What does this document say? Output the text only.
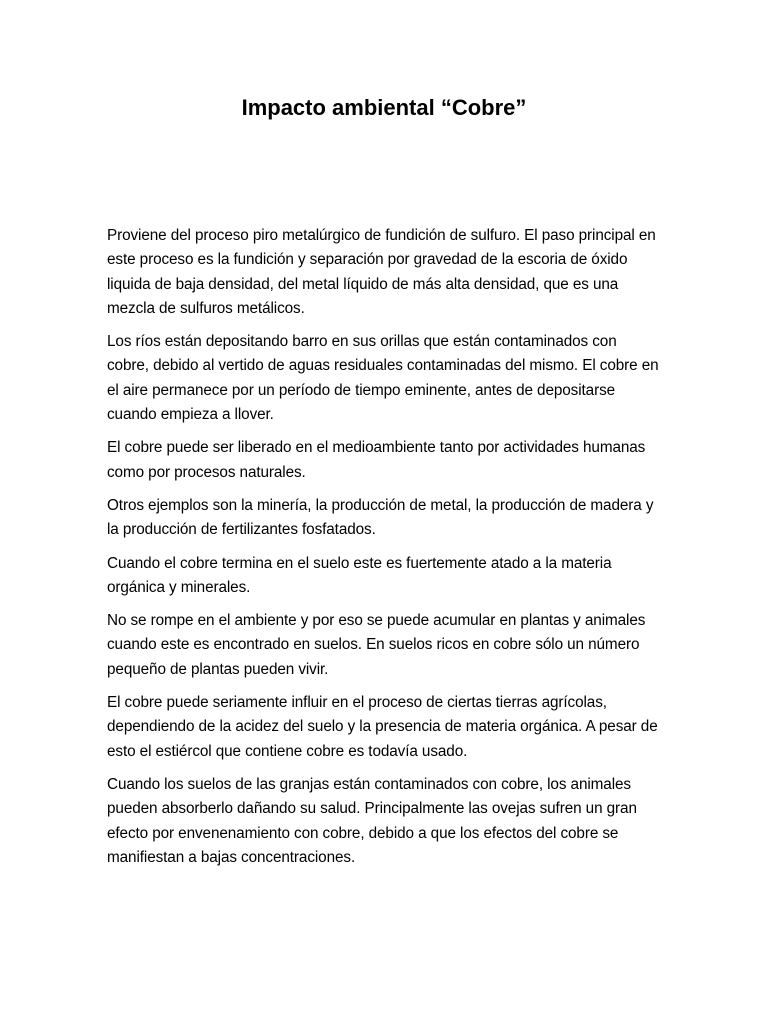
Impacto ambiental “Cobre”

Proviene del proceso piro metalúrgico de fundición de sulfuro. El paso principal en este proceso es la fundición y separación por gravedad de la escoria de óxido liquida de baja densidad, del metal líquido de más alta densidad, que es una mezcla de sulfuros metálicos.

Los ríos están depositando barro en sus orillas que están contaminados con cobre, debido al vertido de aguas residuales contaminadas del mismo. El cobre en el aire permanece por un período de tiempo eminente, antes de depositarse cuando empieza a llover.

El cobre puede ser liberado en el medioambiente tanto por actividades humanas como por procesos naturales.

Otros ejemplos son la minería, la producción de metal, la producción de madera y la producción de fertilizantes fosfatados.

Cuando el cobre termina en el suelo este es fuertemente atado a la materia orgánica y minerales.

No se rompe en el ambiente y por eso se puede acumular en plantas y animales cuando este es encontrado en suelos. En suelos ricos en cobre sólo un número pequeño de plantas pueden vivir.

El cobre puede seriamente influir en el proceso de ciertas tierras agrícolas, dependiendo de la acidez del suelo y la presencia de materia orgánica. A pesar de esto el estiércol que contiene cobre es todavía usado.

Cuando los suelos de las granjas están contaminados con cobre, los animales pueden absorberlo dañando su salud. Principalmente las ovejas sufren un gran efecto por envenenamiento con cobre, debido a que los efectos del cobre se manifiestan a bajas concentraciones.
